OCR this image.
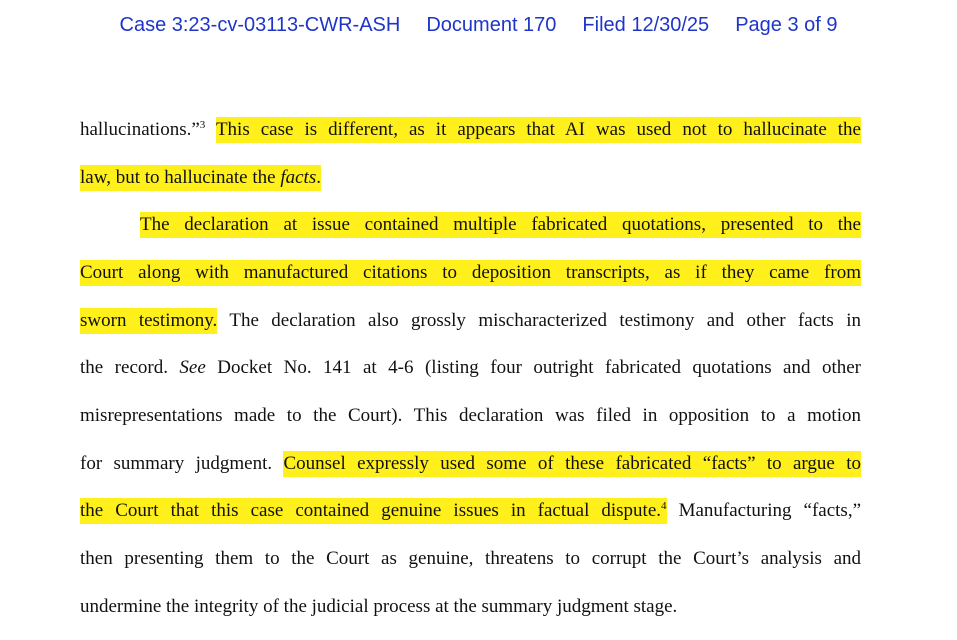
Case 3:23-cv-03113-CWR-ASH Document 170 Filed 12/30/25 Page 3 of 9
hallucinations.”$^3$ This case is different, as it appears that AI was used not to hallucinate the
law, but to hallucinate the facts.
The declaration at issue contained multiple fabricated quotations, presented to the
Court along with manufactured citations to deposition transcripts, as if they came from
sworn testimony. The declaration also grossly mischaracterized testimony and other facts in
the record. See Docket No. 141 at 4-6 (listing four outright fabricated quotations and other
misrepresentations made to the Court). This declaration was filed in opposition to a motion
for summary judgment. Counsel expressly used some of these fabricated “facts” to argue to
the Court that this case contained genuine issues in factual dispute.$^4$ Manufacturing “facts,”
then presenting them to the Court as genuine, threatens to corrupt the Court’s analysis and
undermine the integrity of the judicial process at the summary judgment stage.
